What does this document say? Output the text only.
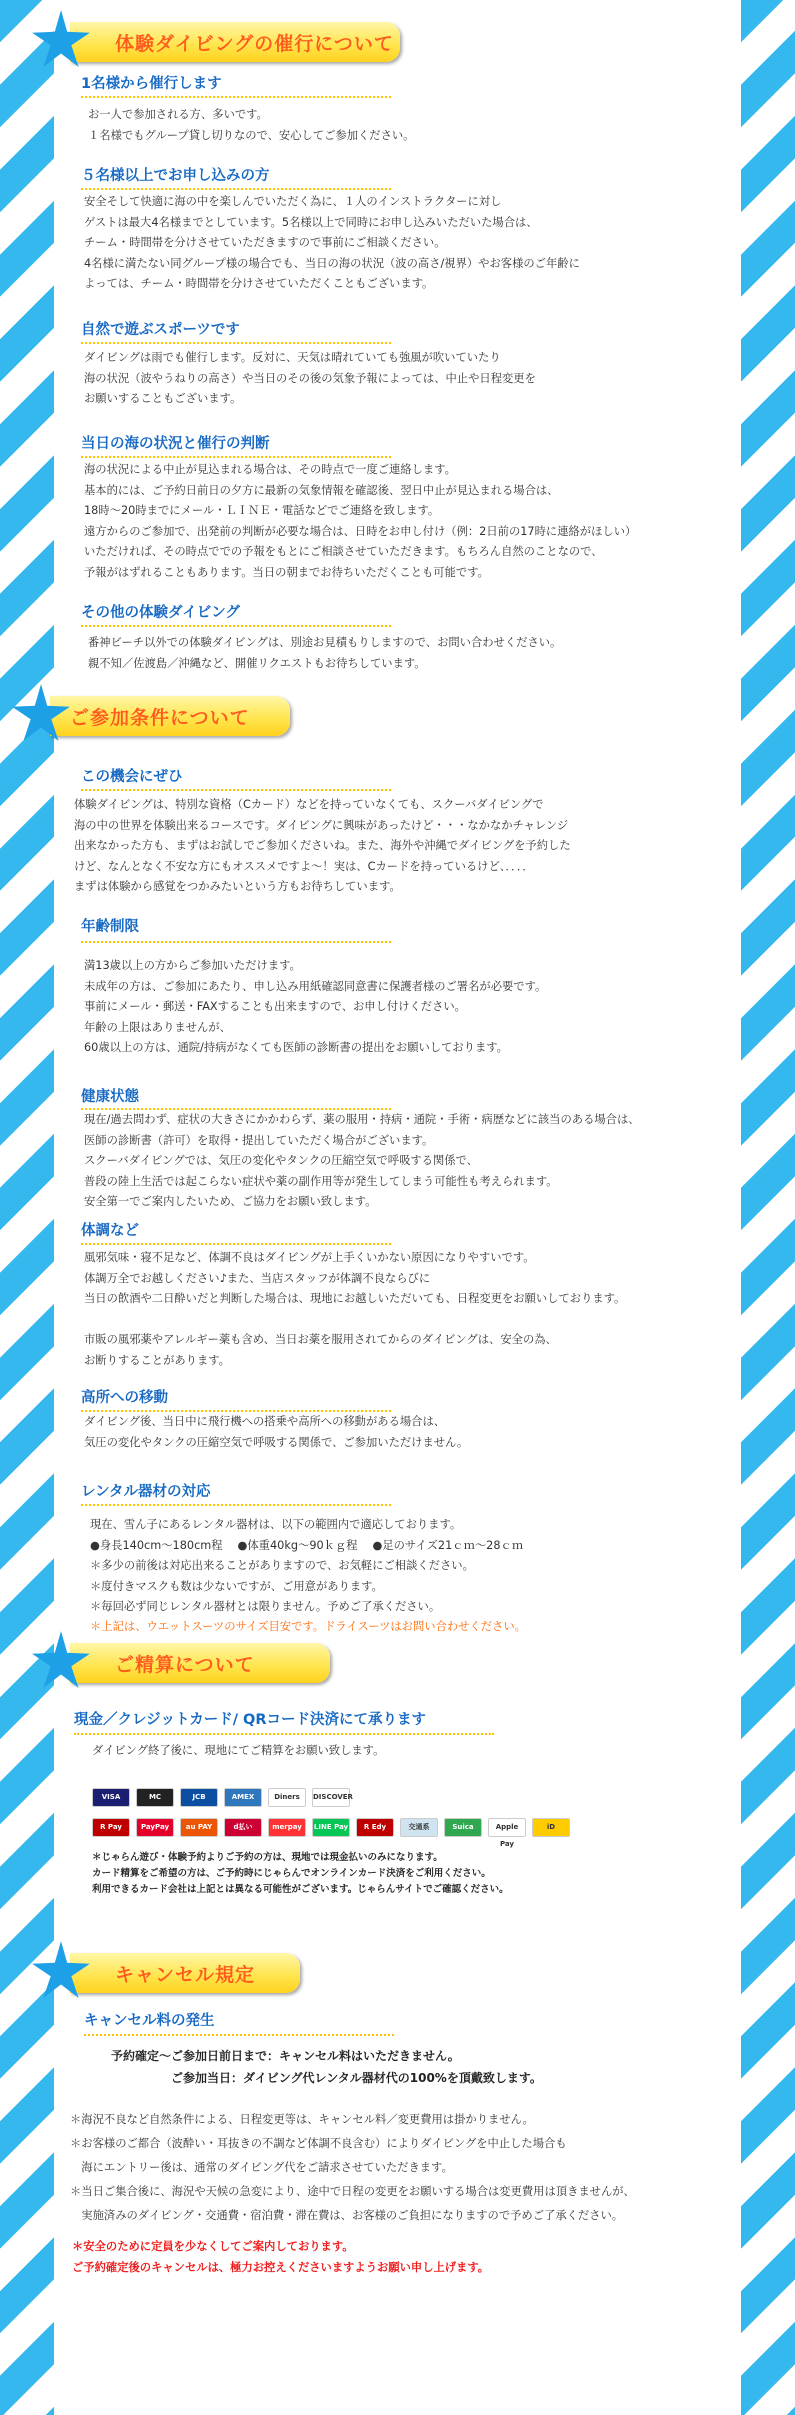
体験ダイビングの催行について
1名様から催行します
お一人で参加される方、多いです。
１名様でもグループ貸し切りなので、安心してご参加ください。
５名様以上でお申し込みの方
安全そして快適に海の中を楽しんでいただく為に、１人のインストラクターに対し
ゲストは最大4名様までとしています。5名様以上で同時にお申し込みいただいた場合は、
チーム・時間帯を分けさせていただきますので事前にご相談ください。
4名様に満たない同グループ様の場合でも、当日の海の状況（波の高さ/視界）やお客様のご年齢に
よっては、チーム・時間帯を分けさせていただくこともございます。
自然で遊ぶスポーツです
ダイビングは雨でも催行します。反対に、天気は晴れていても強風が吹いていたり
海の状況（波やうねりの高さ）や当日のその後の気象予報によっては、中止や日程変更を
お願いすることもございます。
当日の海の状況と催行の判断
海の状況による中止が見込まれる場合は、その時点で一度ご連絡します。
基本的には、ご予約日前日の夕方に最新の気象情報を確認後、翌日中止が見込まれる場合は、
18時～20時までにメール・ＬＩＮＥ・電話などでご連絡を致します。
遠方からのご参加で、出発前の判断が必要な場合は、日時をお申し付け（例：2日前の17時に連絡がほしい）
いただければ、その時点ででの予報をもとにご相談させていただきます。もちろん自然のことなので、
予報がはずれることもあります。当日の朝までお待ちいただくことも可能です。
その他の体験ダイビング
番神ビーチ以外での体験ダイビングは、別途お見積もりしますので、お問い合わせください。
親不知／佐渡島／沖縄など、開催リクエストもお待ちしています。
ご参加条件について
この機会にぜひ
体験ダイビングは、特別な資格（Cカード）などを持っていなくても、スクーバダイビングで
海の中の世界を体験出来るコースです。ダイビングに興味があったけど・・・なかなかチャレンジ
出来なかった方も、まずはお試しでご参加くださいね。また、海外や沖縄でダイビングを予約した
けど、なんとなく不安な方にもオススメですよ～！実は、Cカードを持っているけど、．．．．
まずは体験から感覚をつかみたいという方もお待ちしています。
年齢制限
満13歳以上の方からご参加いただけます。
未成年の方は、ご参加にあたり、申し込み用紙確認同意書に保護者様のご署名が必要です。
事前にメール・郵送・FAXすることも出来ますので、お申し付けください。
年齢の上限はありませんが、
60歳以上の方は、通院/持病がなくても医師の診断書の提出をお願いしております。
健康状態
現在/過去問わず、症状の大きさにかかわらず、薬の服用・持病・通院・手術・病歴などに該当のある場合は、
医師の診断書（許可）を取得・提出していただく場合がございます。
スクーバダイビングでは、気圧の変化やタンクの圧縮空気で呼吸する関係で、
普段の陸上生活では起こらない症状や薬の副作用等が発生してしまう可能性も考えられます。
安全第一でご案内したいため、ご協力をお願い致します。
体調など
風邪気味・寝不足など、体調不良はダイビングが上手くいかない原因になりやすいです。
体調万全でお越しください♪また、当店スタッフが体調不良ならびに
当日の飲酒や二日酔いだと判断した場合は、現地にお越しいただいても、日程変更をお願いしております。

市販の風邪薬やアレルギー薬も含め、当日お薬を服用されてからのダイビングは、安全の為、
お断りすることがあります。
高所への移動
ダイビング後、当日中に飛行機への搭乗や高所への移動がある場合は、
気圧の変化やタンクの圧縮空気で呼吸する関係で、ご参加いただけません。
レンタル器材の対応
現在、雪ん子にあるレンタル器材は、以下の範囲内で適応しております。
●身長140cm～180cm程　 ●体重40kg～90ｋｇ程 　●足のサイズ21ｃｍ～28ｃｍ
＊多少の前後は対応出来ることがありますので、お気軽にご相談ください。
＊度付きマスクも数は少ないですが、ご用意があります。
＊毎回必ず同じレンタル器材とは限りません。予めご了承ください。
＊上記は、ウエットスーツのサイズ目安です。ドライスーツはお問い合わせください。
ご精算について
現金／クレジットカード/ QRコード決済にて承ります
ダイビング終了後に、現地にてご精算をお願い致します。
VISA	MC	JCB	AMEX	Diners DISCOVER
R Pay	PayPay au PAY	d払い	merpay LINE Pay R Edy	交通系	Suica	Apple PayiD
＊じゃらん遊び・体験予約よりご予約の方は、現地では現金払いのみになります。
カード精算をご希望の方は、ご予約時にじゃらんでオンラインカード決済をご利用ください。
利用できるカード会社は上記とは異なる可能性がございます。じゃらんサイトでご確認ください。
キャンセル規定
キャンセル料の発生
予約確定～ご参加日前日まで：キャンセル料はいただきません。
　　　　　ご参加当日：ダイビング代レンタル器材代の100%を頂戴致します。
＊海況不良など自然条件による、日程変更等は、キャンセル料／変更費用は掛かりません。
＊お客様のご都合（波酔い・耳抜きの不調など体調不良含む）によりダイビングを中止した場合も
　海にエントリー後は、通常のダイビング代をご請求させていただきます。
＊当日ご集合後に、海況や天候の急変により、途中で日程の変更をお願いする場合は変更費用は頂きませんが、
　実施済みのダイビング・交通費・宿泊費・滞在費は、お客様のご負担になりますので予めご了承ください。
＊安全のために定員を少なくしてご案内しております。
ご予約確定後のキャンセルは、極力お控えくださいますようお願い申し上げます。
